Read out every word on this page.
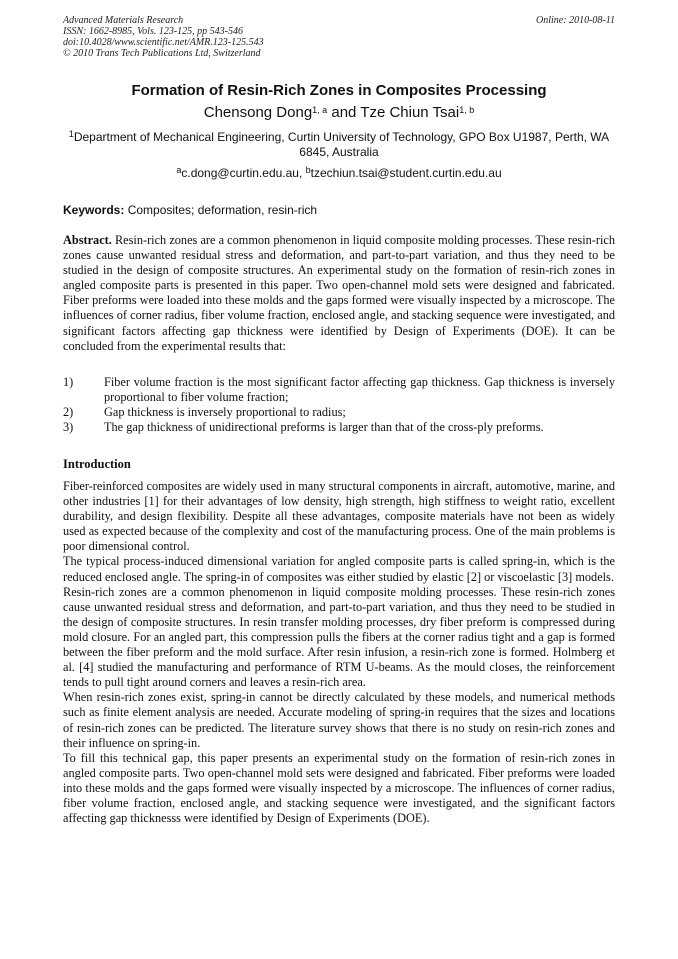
Advanced Materials Research
ISSN: 1662-8985, Vols. 123-125, pp 543-546
doi:10.4028/www.scientific.net/AMR.123-125.543
© 2010 Trans Tech Publications Ltd, Switzerland
Online: 2010-08-11
Formation of Resin-Rich Zones in Composites Processing
Chensong Dong$^{1, a}$ and Tze Chiun Tsai$^{1, b}$
$^1$Department of Mechanical Engineering, Curtin University of Technology, GPO Box U1987, Perth, WA 6845, Australia
$^a$c.dong@curtin.edu.au, $^b$tzechiun.tsai@student.curtin.edu.au
Keywords: Composites; deformation, resin-rich
Abstract. Resin-rich zones are a common phenomenon in liquid composite molding processes. These resin-rich zones cause unwanted residual stress and deformation, and part-to-part variation, and thus they need to be studied in the design of composite structures. An experimental study on the formation of resin-rich zones in angled composite parts is presented in this paper. Two open-channel mold sets were designed and fabricated. Fiber preforms were loaded into these molds and the gaps formed were visually inspected by a microscope. The influences of corner radius, fiber volume fraction, enclosed angle, and stacking sequence were investigated, and significant factors affecting gap thickness were identified by Design of Experiments (DOE). It can be concluded from the experimental results that:
1)	Fiber volume fraction is the most significant factor affecting gap thickness. Gap thickness is inversely proportional to fiber volume fraction;
2)	Gap thickness is inversely proportional to radius;
3)	The gap thickness of unidirectional preforms is larger than that of the cross-ply preforms.
Introduction

Fiber-reinforced composites are widely used in many structural components in aircraft, automotive, marine, and other industries [1] for their advantages of low density, high strength, high stiffness to weight ratio, excellent durability, and design flexibility. Despite all these advantages, composite materials have not been as widely used as expected because of the complexity and cost of the manufacturing process. One of the main problems is poor dimensional control.

The typical process-induced dimensional variation for angled composite parts is called spring-in, which is the reduced enclosed angle. The spring-in of composites was either studied by elastic [2] or viscoelastic [3] models.

Resin-rich zones are a common phenomenon in liquid composite molding processes. These resin-rich zones cause unwanted residual stress and deformation, and part-to-part variation, and thus they need to be studied in the design of composite structures. In resin transfer molding processes, dry fiber preform is compressed during mold closure. For an angled part, this compression pulls the fibers at the corner radius tight and a gap is formed between the fiber preform and the mold surface. After resin infusion, a resin-rich zone is formed. Holmberg et al. [4] studied the manufacturing and performance of RTM U-beams. As the mould closes, the reinforcement tends to pull tight around corners and leaves a resin-rich area.

When resin-rich zones exist, spring-in cannot be directly calculated by these models, and numerical methods such as finite element analysis are needed. Accurate modeling of spring-in requires that the sizes and locations of resin-rich zones can be predicted. The literature survey shows that there is no study on resin-rich zones and their influence on spring-in.

To fill this technical gap, this paper presents an experimental study on the formation of resin-rich zones in angled composite parts. Two open-channel mold sets were designed and fabricated. Fiber preforms were loaded into these molds and the gaps formed were visually inspected by a microscope. The influences of corner radius, fiber volume fraction, enclosed angle, and stacking sequence were investigated, and the significant factors affecting gap thicknesss were identified by Design of Experiments (DOE).
